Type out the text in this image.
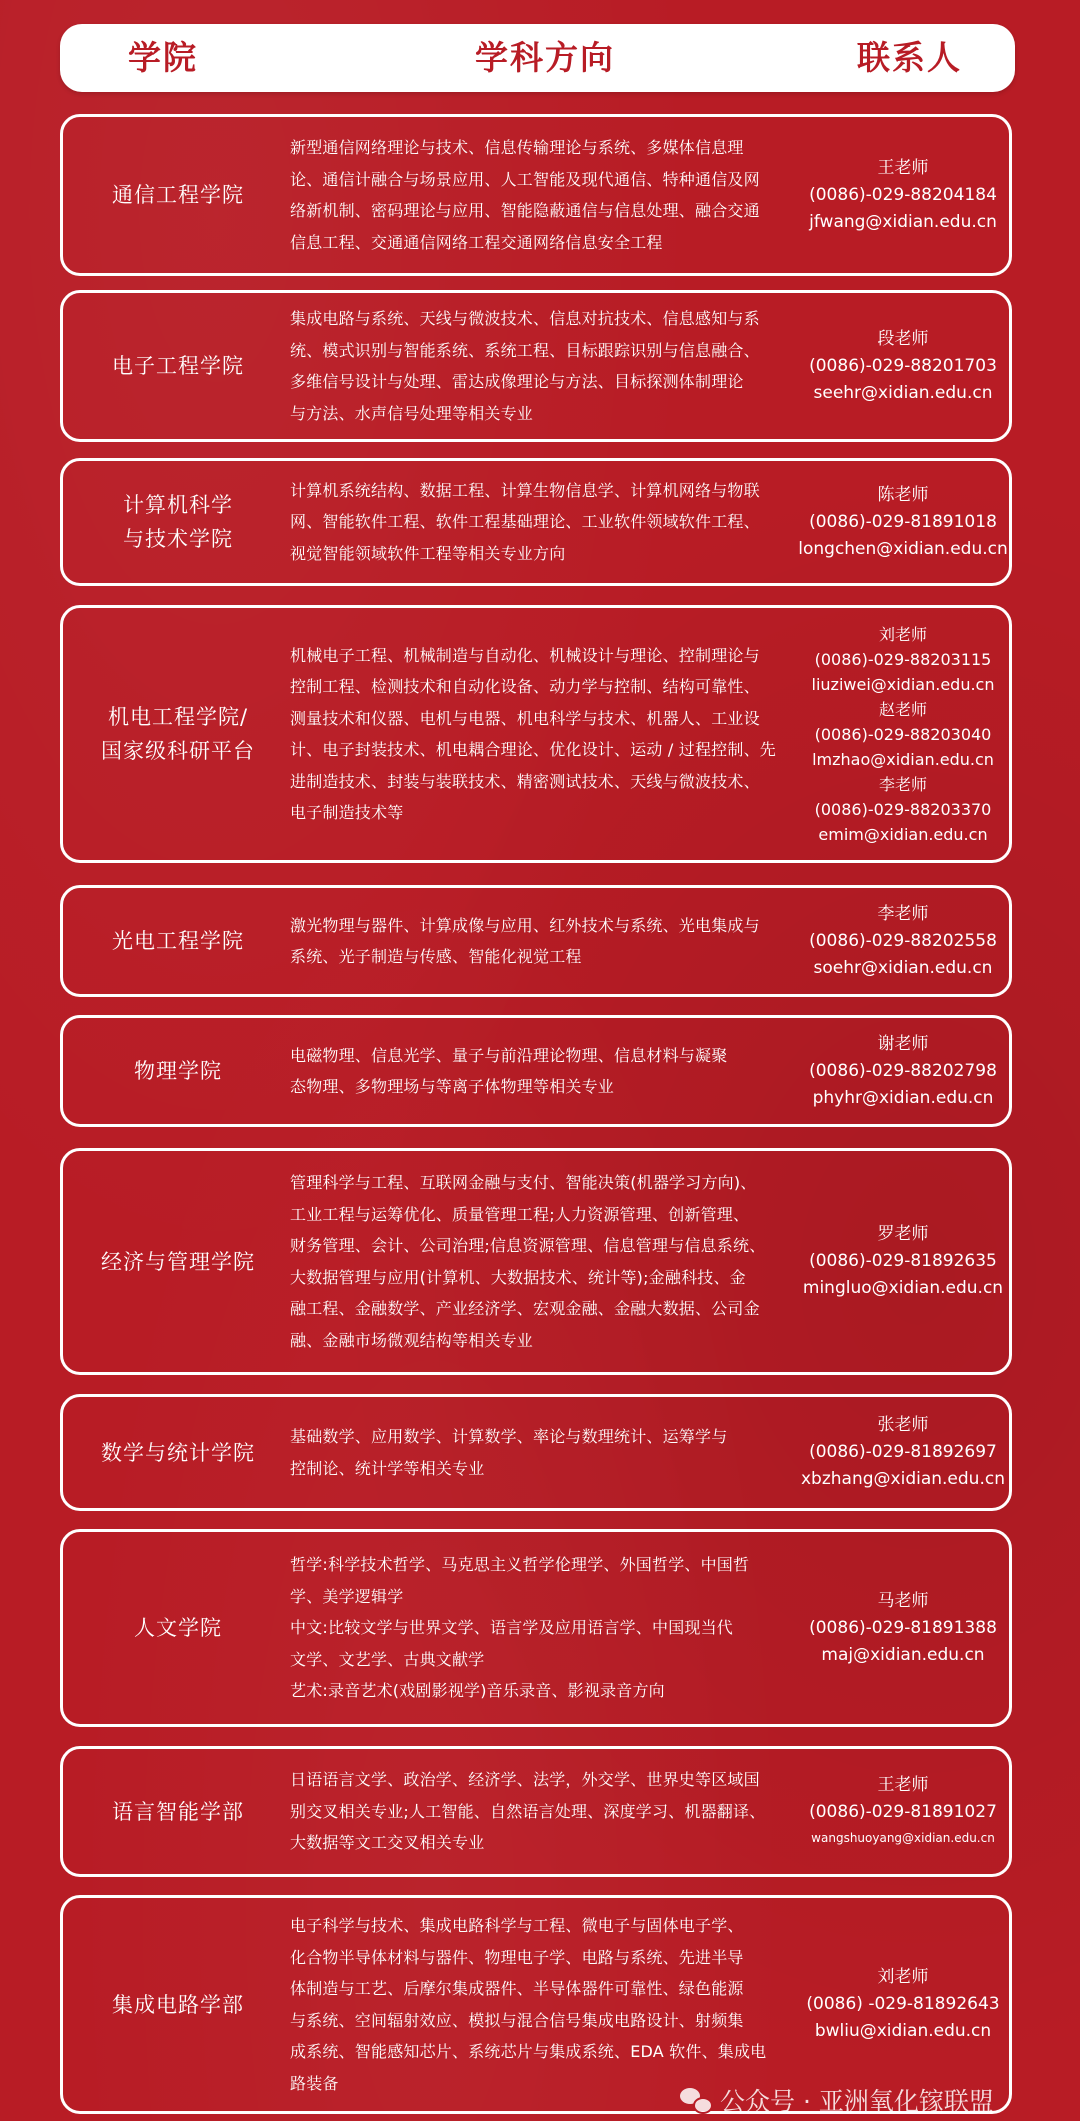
学院	学科方向	联系人
通信工程学院
新型通信网络理论与技术、信息传输理论与系统、多媒体信息理
论、通信计融合与场景应用、人工智能及现代通信、特种通信及网
络新机制、密码理论与应用、智能隐蔽通信与信息处理、融合交通
信息工程、交通通信网络工程交通网络信息安全工程
王老师
(0086)-029-88204184
jfwang@xidian.edu.cn
电子工程学院
集成电路与系统、天线与微波技术、信息对抗技术、信息感知与系
统、模式识别与智能系统、系统工程、目标跟踪识别与信息融合、
多维信号设计与处理、雷达成像理论与方法、目标探测体制理论
与方法、水声信号处理等相关专业
段老师
(0086)-029-88201703
seehr@xidian.edu.cn
计算机科学
与技术学院
计算机系统结构、数据工程、计算生物信息学、计算机网络与物联
网、智能软件工程、软件工程基础理论、工业软件领域软件工程、
视觉智能领域软件工程等相关专业方向
陈老师
(0086)-029-81891018
longchen@xidian.edu.cn
机电工程学院/
国家级科研平台
机械电子工程、机械制造与自动化、机械设计与理论、控制理论与
控制工程、检测技术和自动化设备、动力学与控制、结构可靠性、
测量技术和仪器、电机与电器、机电科学与技术、机器人、工业设
计、电子封装技术、机电耦合理论、优化设计、运动 / 过程控制、先
进制造技术、封装与装联技术、精密测试技术、天线与微波技术、
电子制造技术等
刘老师
(0086)-029-88203115
liuziwei@xidian.edu.cn
赵老师
(0086)-029-88203040
lmzhao@xidian.edu.cn
李老师
(0086)-029-88203370
emim@xidian.edu.cn
光电工程学院
激光物理与器件、计算成像与应用、红外技术与系统、光电集成与
系统、光子制造与传感、智能化视觉工程
李老师
(0086)-029-88202558
soehr@xidian.edu.cn
物理学院
电磁物理、信息光学、量子与前沿理论物理、信息材料与凝聚
态物理、多物理场与等离子体物理等相关专业
谢老师
(0086)-029-88202798
phyhr@xidian.edu.cn
经济与管理学院
管理科学与工程、互联网金融与支付、智能决策(机器学习方向)、
工业工程与运筹优化、质量管理工程;人力资源管理、创新管理、
财务管理、会计、公司治理;信息资源管理、信息管理与信息系统、
大数据管理与应用(计算机、大数据技术、统计等);金融科技、金
融工程、金融数学、产业经济学、宏观金融、金融大数据、公司金
融、金融市场微观结构等相关专业
罗老师
(0086)-029-81892635
mingluo@xidian.edu.cn
数学与统计学院
基础数学、应用数学、计算数学、率论与数理统计、运筹学与
控制论、统计学等相关专业
张老师
(0086)-029-81892697
xbzhang@xidian.edu.cn
人文学院
哲学:科学技术哲学、马克思主义哲学伦理学、外国哲学、中国哲
学、美学逻辑学
中文:比较文学与世界文学、语言学及应用语言学、中国现当代
文学、文艺学、古典文献学
艺术:录音艺术(戏剧影视学)音乐录音、影视录音方向
马老师
(0086)-029-81891388
maj@xidian.edu.cn
语言智能学部
日语语言文学、政治学、经济学、法学，外交学、世界史等区域国
别交叉相关专业;人工智能、自然语言处理、深度学习、机器翻译、
大数据等文工交叉相关专业
王老师
(0086)-029-81891027
wangshuoyang@xidian.edu.cn
集成电路学部
电子科学与技术、集成电路科学与工程、微电子与固体电子学、
化合物半导体材料与器件、物理电子学、电路与系统、先进半导
体制造与工艺、后摩尔集成器件、半导体器件可靠性、绿色能源
与系统、空间辐射效应、模拟与混合信号集成电路设计、射频集
成系统、智能感知芯片、系统芯片与集成系统、EDA 软件、集成电
路装备
刘老师
(0086) -029-81892643
bwliu@xidian.edu.cn
公众号 · 亚洲氧化镓联盟
